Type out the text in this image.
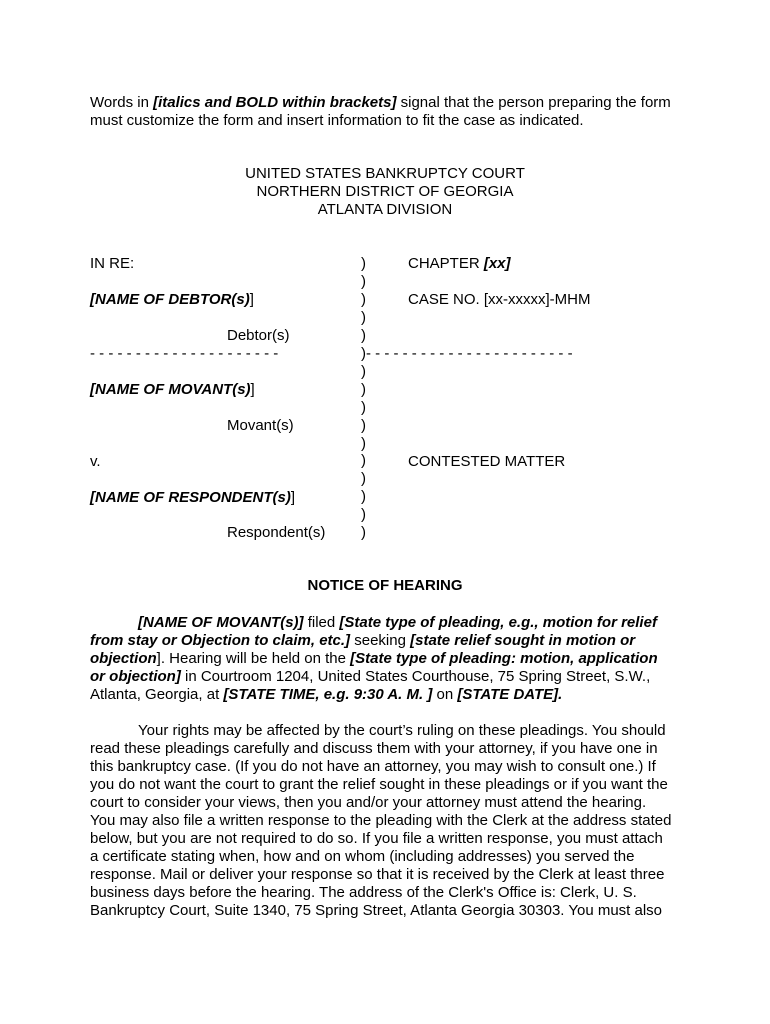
Words in [italics and BOLD within brackets] signal that the person preparing the form
must customize the form and insert information to fit the case as indicated.
UNITED STATES BANKRUPTCY COURT
NORTHERN DISTRICT OF GEORGIA
ATLANTA DIVISION
IN RE:
[NAME OF DEBTOR(s)]
Debtor(s)
- - - - - - - - - - - - - - - - - - - - -	)- - - - - - - - - - - - - - - - - - - - - - -
[NAME OF MOVANT(s)]
Movant(s)
v.
[NAME OF RESPONDENT(s)]
Respondent(s)
CHAPTER [xx]
CASE NO. [xx-xxxxx]-MHM
CONTESTED MATTER
)
)
)
)
)
)
)
)
)
)
)
)
)
)
)
NOTICE OF HEARING
[NAME OF MOVANT(s)] filed [State type of pleading, e.g., motion for relief
from stay or Objection to claim, etc.] seeking [state relief sought in motion or
objection]. Hearing will be held on the [State type of pleading: motion, application
or objection] in Courtroom 1204, United States Courthouse, 75 Spring Street, S.W.,
Atlanta, Georgia, at [STATE TIME, e.g. 9:30 A. M. ] on [STATE DATE].
Your rights may be affected by the court’s ruling on these pleadings. You should
read these pleadings carefully and discuss them with your attorney, if you have one in
this bankruptcy case. (If you do not have an attorney, you may wish to consult one.) If
you do not want the court to grant the relief sought in these pleadings or if you want the
court to consider your views, then you and/or your attorney must attend the hearing.
You may also file a written response to the pleading with the Clerk at the address stated
below, but you are not required to do so. If you file a written response, you must attach
a certificate stating when, how and on whom (including addresses) you served the
response. Mail or deliver your response so that it is received by the Clerk at least three
business days before the hearing. The address of the Clerk's Office is: Clerk, U. S.
Bankruptcy Court, Suite 1340, 75 Spring Street, Atlanta Georgia 30303. You must also
